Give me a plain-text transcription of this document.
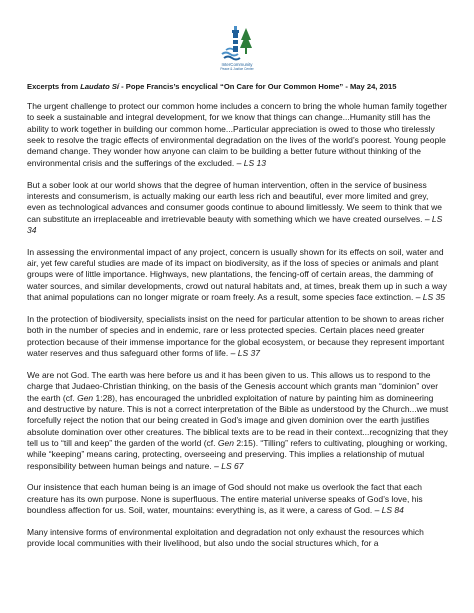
InterCommunity
Peace & Justice Center
Excerpts from Laudato Sí - Pope Francis’s encyclical “On Care for Our Common Home” - May 24, 2015

The urgent challenge to protect our common home includes a concern to bring the whole human family together to seek a sustainable and integral development, for we know that things can change...Humanity still has the ability to work together in building our common home...Particular appreciation is owed to those who tirelessly seek to resolve the tragic effects of environmental degradation on the lives of the world’s poorest. Young people demand change. They wonder how anyone can claim to be building a better future without thinking of the environmental crisis and the sufferings of the excluded. – LS 13

But a sober look at our world shows that the degree of human intervention, often in the service of business interests and consumerism, is actually making our earth less rich and beautiful, ever more limited and grey, even as technological advances and consumer goods continue to abound limitlessly. We seem to think that we can substitute an irreplaceable and irretrievable beauty with something which we have created ourselves. – LS 34

In assessing the environmental impact of any project, concern is usually shown for its effects on soil, water and air, yet few careful studies are made of its impact on biodiversity, as if the loss of species or animals and plant groups were of little importance. Highways, new plantations, the fencing-off of certain areas, the damming of water sources, and similar developments, crowd out natural habitats and, at times, break them up in such a way that animal populations can no longer migrate or roam freely. As a result, some species face extinction. – LS 35

In the protection of biodiversity, specialists insist on the need for particular attention to be shown to areas richer both in the number of species and in endemic, rare or less protected species. Certain places need greater protection because of their immense importance for the global ecosystem, or because they represent important water reserves and thus safeguard other forms of life. – LS 37

We are not God. The earth was here before us and it has been given to us. This allows us to respond to the charge that Judaeo-Christian thinking, on the basis of the Genesis account which grants man “dominion” over the earth (cf. Gen 1:28), has encouraged the unbridled exploitation of nature by painting him as domineering and destructive by nature. This is not a correct interpretation of the Bible as understood by the Church...we must forcefully reject the notion that our being created in God’s image and given dominion over the earth justifies absolute domination over other creatures. The biblical texts are to be read in their context...recognizing that they tell us to “till and keep” the garden of the world (cf. Gen 2:15). “Tilling” refers to cultivating, ploughing or working, while “keeping” means caring, protecting, overseeing and preserving. This implies a relationship of mutual responsibility between human beings and nature. – LS 67

Our insistence that each human being is an image of God should not make us overlook the fact that each creature has its own purpose. None is superfluous. The entire material universe speaks of God’s love, his boundless affection for us. Soil, water, mountains: everything is, as it were, a caress of God. – LS 84

Many intensive forms of environmental exploitation and degradation not only exhaust the resources which provide local communities with their livelihood, but also undo the social structures which, for a
